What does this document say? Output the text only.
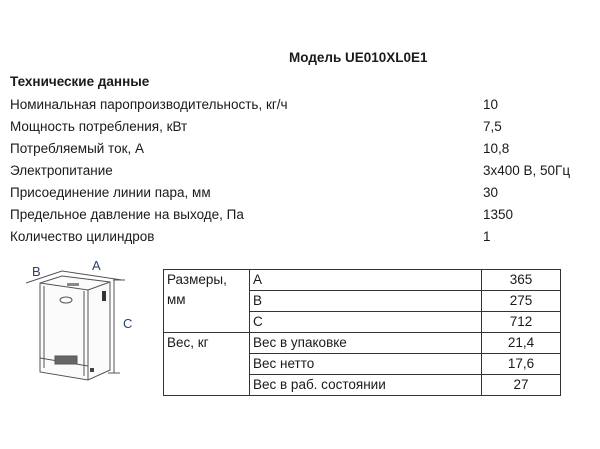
Модель UE010XL0E1
Технические данные
Номинальная паропроизводительность, кг/ч	10
Мощность потребления, кВт	7,5
Потребляемый ток, А	10,8
Электропитание	3x400 В, 50Гц
Присоединение линии пара, мм	30
Предельное давление на выходе, Па	1350
Количество цилиндров	1
A
B
C
Размеры, мм	A	365
	B	275
	C	712
Вес, кг	Вес в упаковке	21,4
	Вес нетто	17,6
	Вес в раб. состоянии	27
